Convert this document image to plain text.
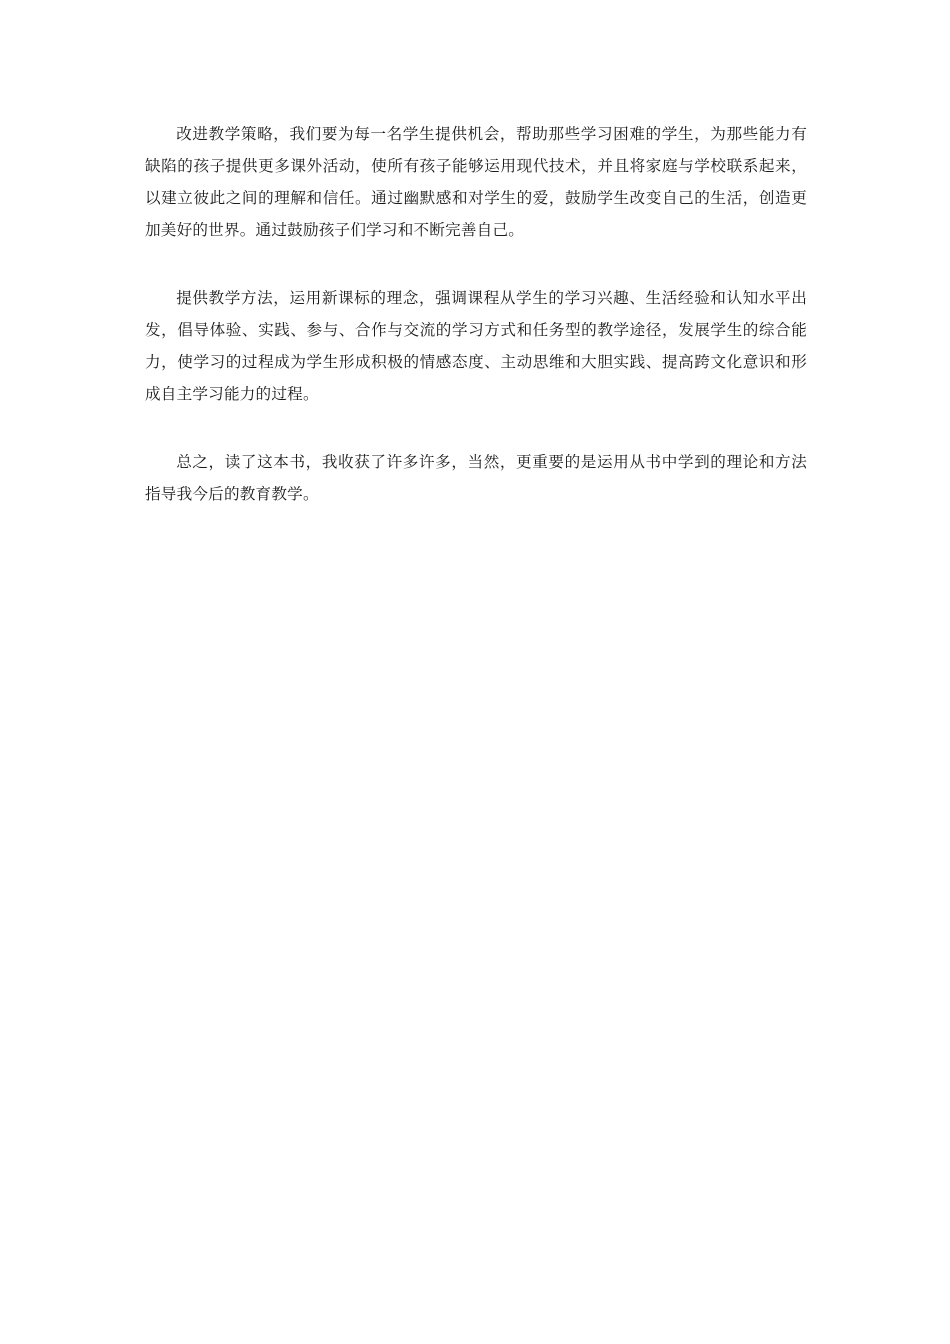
改进教学策略，我们要为每一名学生提供机会，帮助那些学习困难的学生，为那些能力有缺陷的孩子提供更多课外活动，使所有孩子能够运用现代技术，并且将家庭与学校联系起来，以建立彼此之间的理解和信任。通过幽默感和对学生的爱，鼓励学生改变自己的生活，创造更加美好的世界。通过鼓励孩子们学习和不断完善自己。

提供教学方法，运用新课标的理念，强调课程从学生的学习兴趣、生活经验和认知水平出发，倡导体验、实践、参与、合作与交流的学习方式和任务型的教学途径，发展学生的综合能力，使学习的过程成为学生形成积极的情感态度、主动思维和大胆实践、提高跨文化意识和形成自主学习能力的过程。

总之，读了这本书，我收获了许多许多，当然，更重要的是运用从书中学到的理论和方法指导我今后的教育教学。
